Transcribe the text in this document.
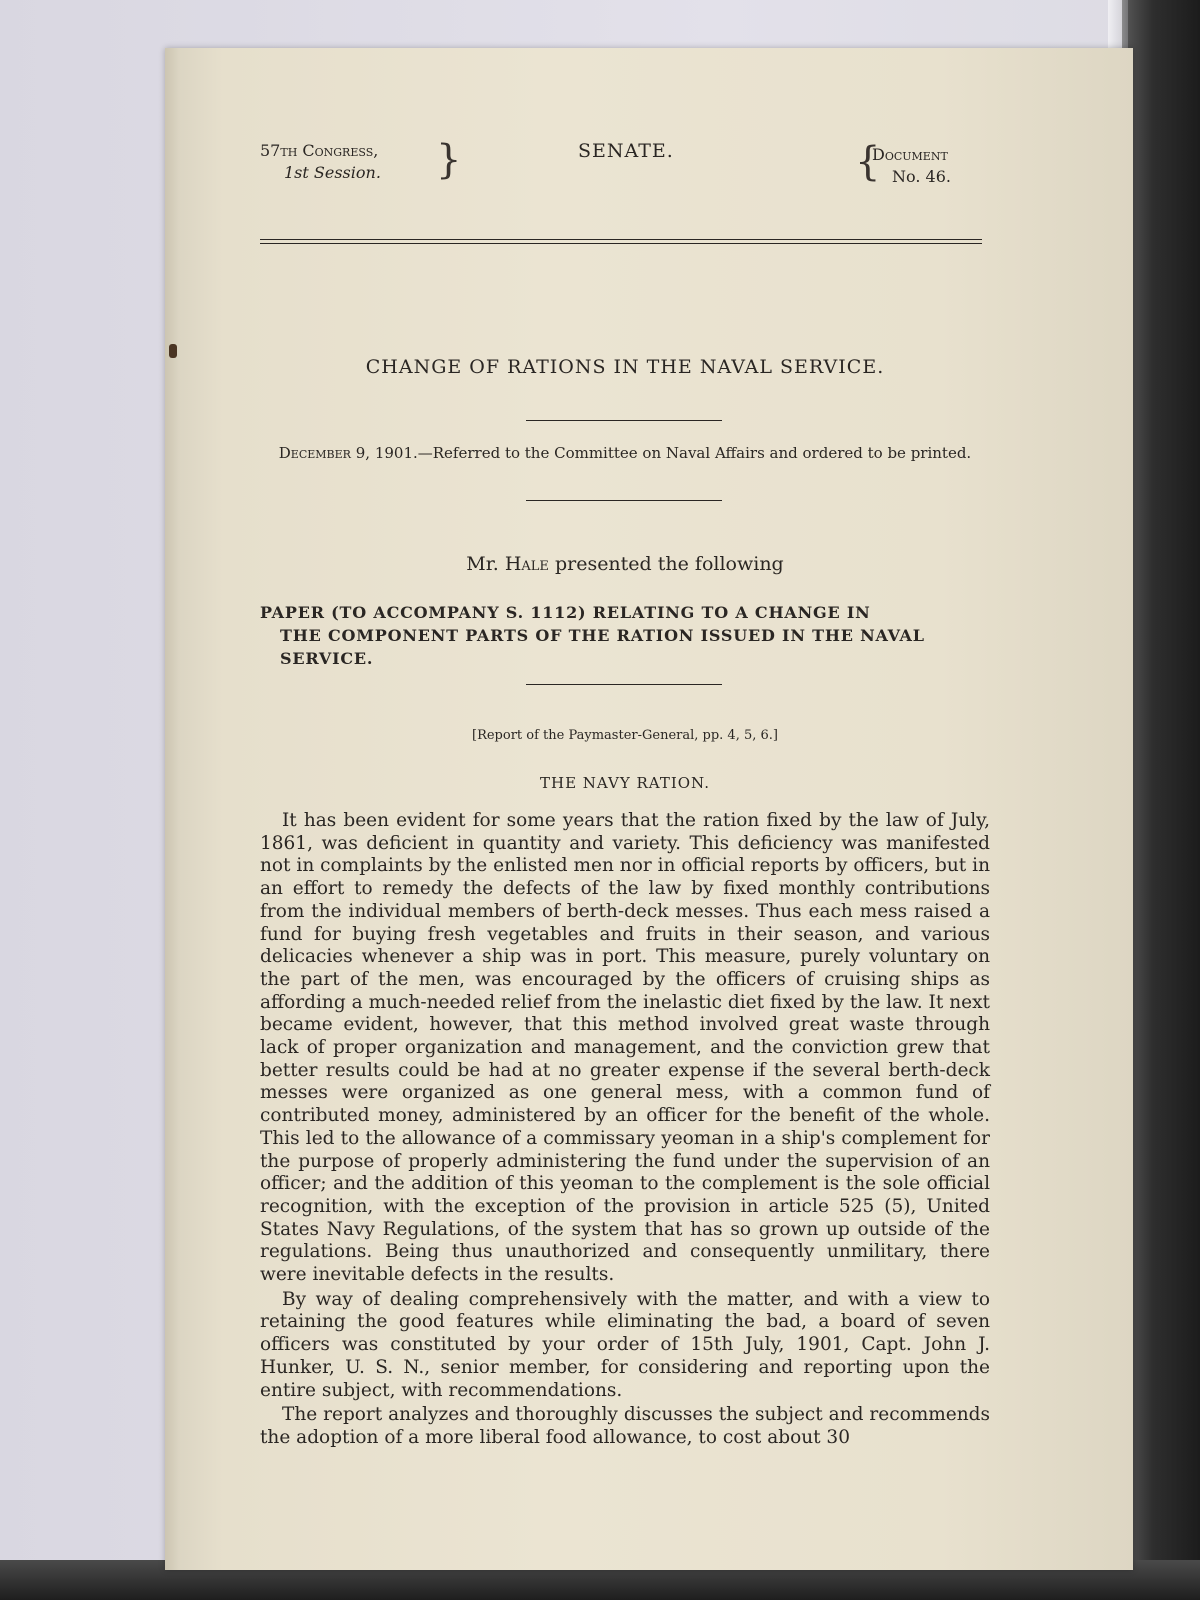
57th Congress,
1st Session. }	SENATE.	{
Document
No. 46.
CHANGE OF RATIONS IN THE NAVAL SERVICE.
December 9, 1901.—Referred to the Committee on Naval Affairs and ordered to be printed.
Mr. Hale presented the following
PAPER (TO ACCOMPANY S. 1112) RELATING TO A CHANGE IN
THE COMPONENT PARTS OF THE RATION ISSUED IN THE NAVAL SERVICE.
[Report of the Paymaster-General, pp. 4, 5, 6.]
THE NAVY RATION.

It has been evident for some years that the ration fixed by the law of July, 1861, was deficient in quantity and variety. This deficiency was manifested not in complaints by the enlisted men nor in official reports by officers, but in an effort to remedy the defects of the law by fixed monthly contributions from the individual members of berth-deck messes. Thus each mess raised a fund for buying fresh vegetables and fruits in their season, and various delicacies whenever a ship was in port. This measure, purely voluntary on the part of the men, was encouraged by the officers of cruising ships as affording a much-needed relief from the inelastic diet fixed by the law. It next became evident, however, that this method involved great waste through lack of proper organization and management, and the conviction grew that better results could be had at no greater expense if the several berth-deck messes were organized as one general mess, with a common fund of contributed money, administered by an officer for the benefit of the whole. This led to the allowance of a commissary yeoman in a ship's complement for the purpose of properly administering the fund under the supervision of an officer; and the addition of this yeoman to the complement is the sole official recognition, with the exception of the provision in article 525 (5), United States Navy Regulations, of the system that has so grown up outside of the regulations. Being thus unauthorized and consequently unmilitary, there were inevitable defects in the results.

By way of dealing comprehensively with the matter, and with a view to retaining the good features while eliminating the bad, a board of seven officers was constituted by your order of 15th July, 1901, Capt. John J. Hunker, U. S. N., senior member, for considering and reporting upon the entire subject, with recommendations.

The report analyzes and thoroughly discusses the subject and recommends the adoption of a more liberal food allowance, to cost about 30
